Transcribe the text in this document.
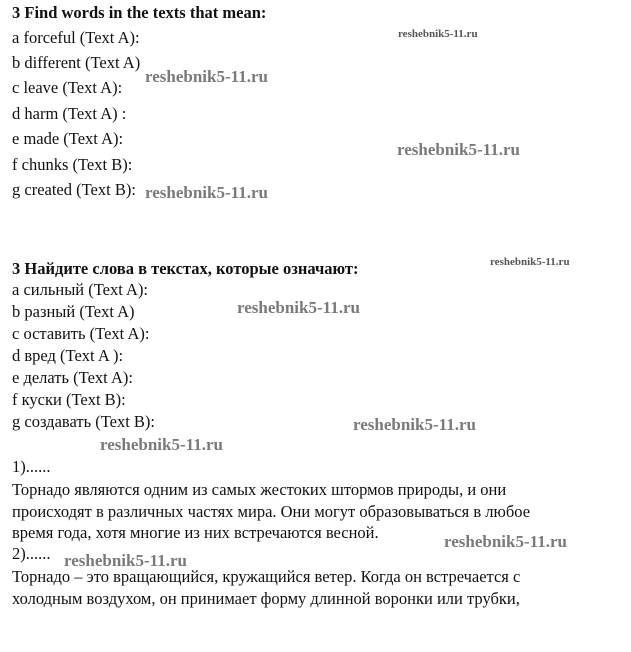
3 Find words in the texts that mean:
a forceful (Text A):
b different (Text A)
c leave (Text A):
d harm (Text A) :
e made (Text A):
f chunks (Text B):
g created (Text B):
3 Найдите слова в текстах, которые означают:
а сильный (Text A):
b разный (Text A)
с оставить (Text A):
d вред (Text A ):
е делать (Text A):
f куски (Text B):
g создавать (Text B):
1)......
Торнадо являются одним из самых жестоких штормов природы, и они
происходят в различных частях мира. Они могут образовываться в любое
время года, хотя многие из них встречаются весной.
2)......
Торнадо – это вращающийся, кружащийся ветер. Когда он встречается с
холодным воздухом, он принимает форму длинной воронки или трубки,
reshebnik5-11.ru
reshebnik5-11.ru
reshebnik5-11.ru
reshebnik5-11.ru
reshebnik5-11.ru
reshebnik5-11.ru
reshebnik5-11.ru
reshebnik5-11.ru
reshebnik5-11.ru
reshebnik5-11.ru
